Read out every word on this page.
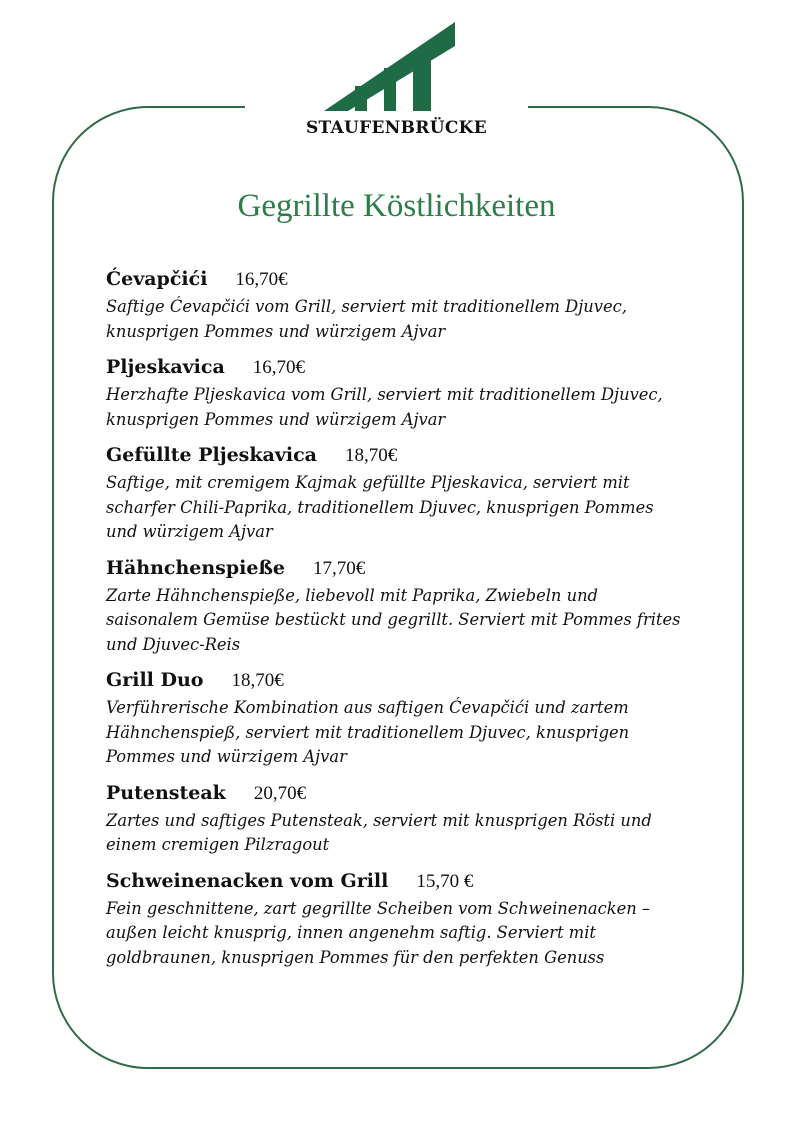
STAUFENBRÜCKE
Gegrillte Köstlichkeiten
Ćevapčići 16,70€
Saftige Ćevapčići vom Grill, serviert mit traditionellem Djuvec,
knusprigen Pommes und würzigem Ajvar
Pljeskavica 16,70€
Herzhafte Pljeskavica vom Grill, serviert mit traditionellem Djuvec,
knusprigen Pommes und würzigem Ajvar
Gefüllte Pljeskavica 18,70€
Saftige, mit cremigem Kajmak gefüllte Pljeskavica, serviert mit
scharfer Chili-Paprika, traditionellem Djuvec, knusprigen Pommes
und würzigem Ajvar
Hähnchenspieße 17,70€
Zarte Hähnchenspieße, liebevoll mit Paprika, Zwiebeln und
saisonalem Gemüse bestückt und gegrillt. Serviert mit Pommes frites
und Djuvec-Reis
Grill Duo 18,70€
Verführerische Kombination aus saftigen Ćevapčići und zartem
Hähnchenspieß, serviert mit traditionellem Djuvec, knusprigen
Pommes und würzigem Ajvar
Putensteak 20,70€
Zartes und saftiges Putensteak, serviert mit knusprigen Rösti und
einem cremigen Pilzragout
Schweinenacken vom Grill 15,70 €
Fein geschnittene, zart gegrillte Scheiben vom Schweinenacken –
außen leicht knusprig, innen angenehm saftig. Serviert mit
goldbraunen, knusprigen Pommes für den perfekten Genuss
